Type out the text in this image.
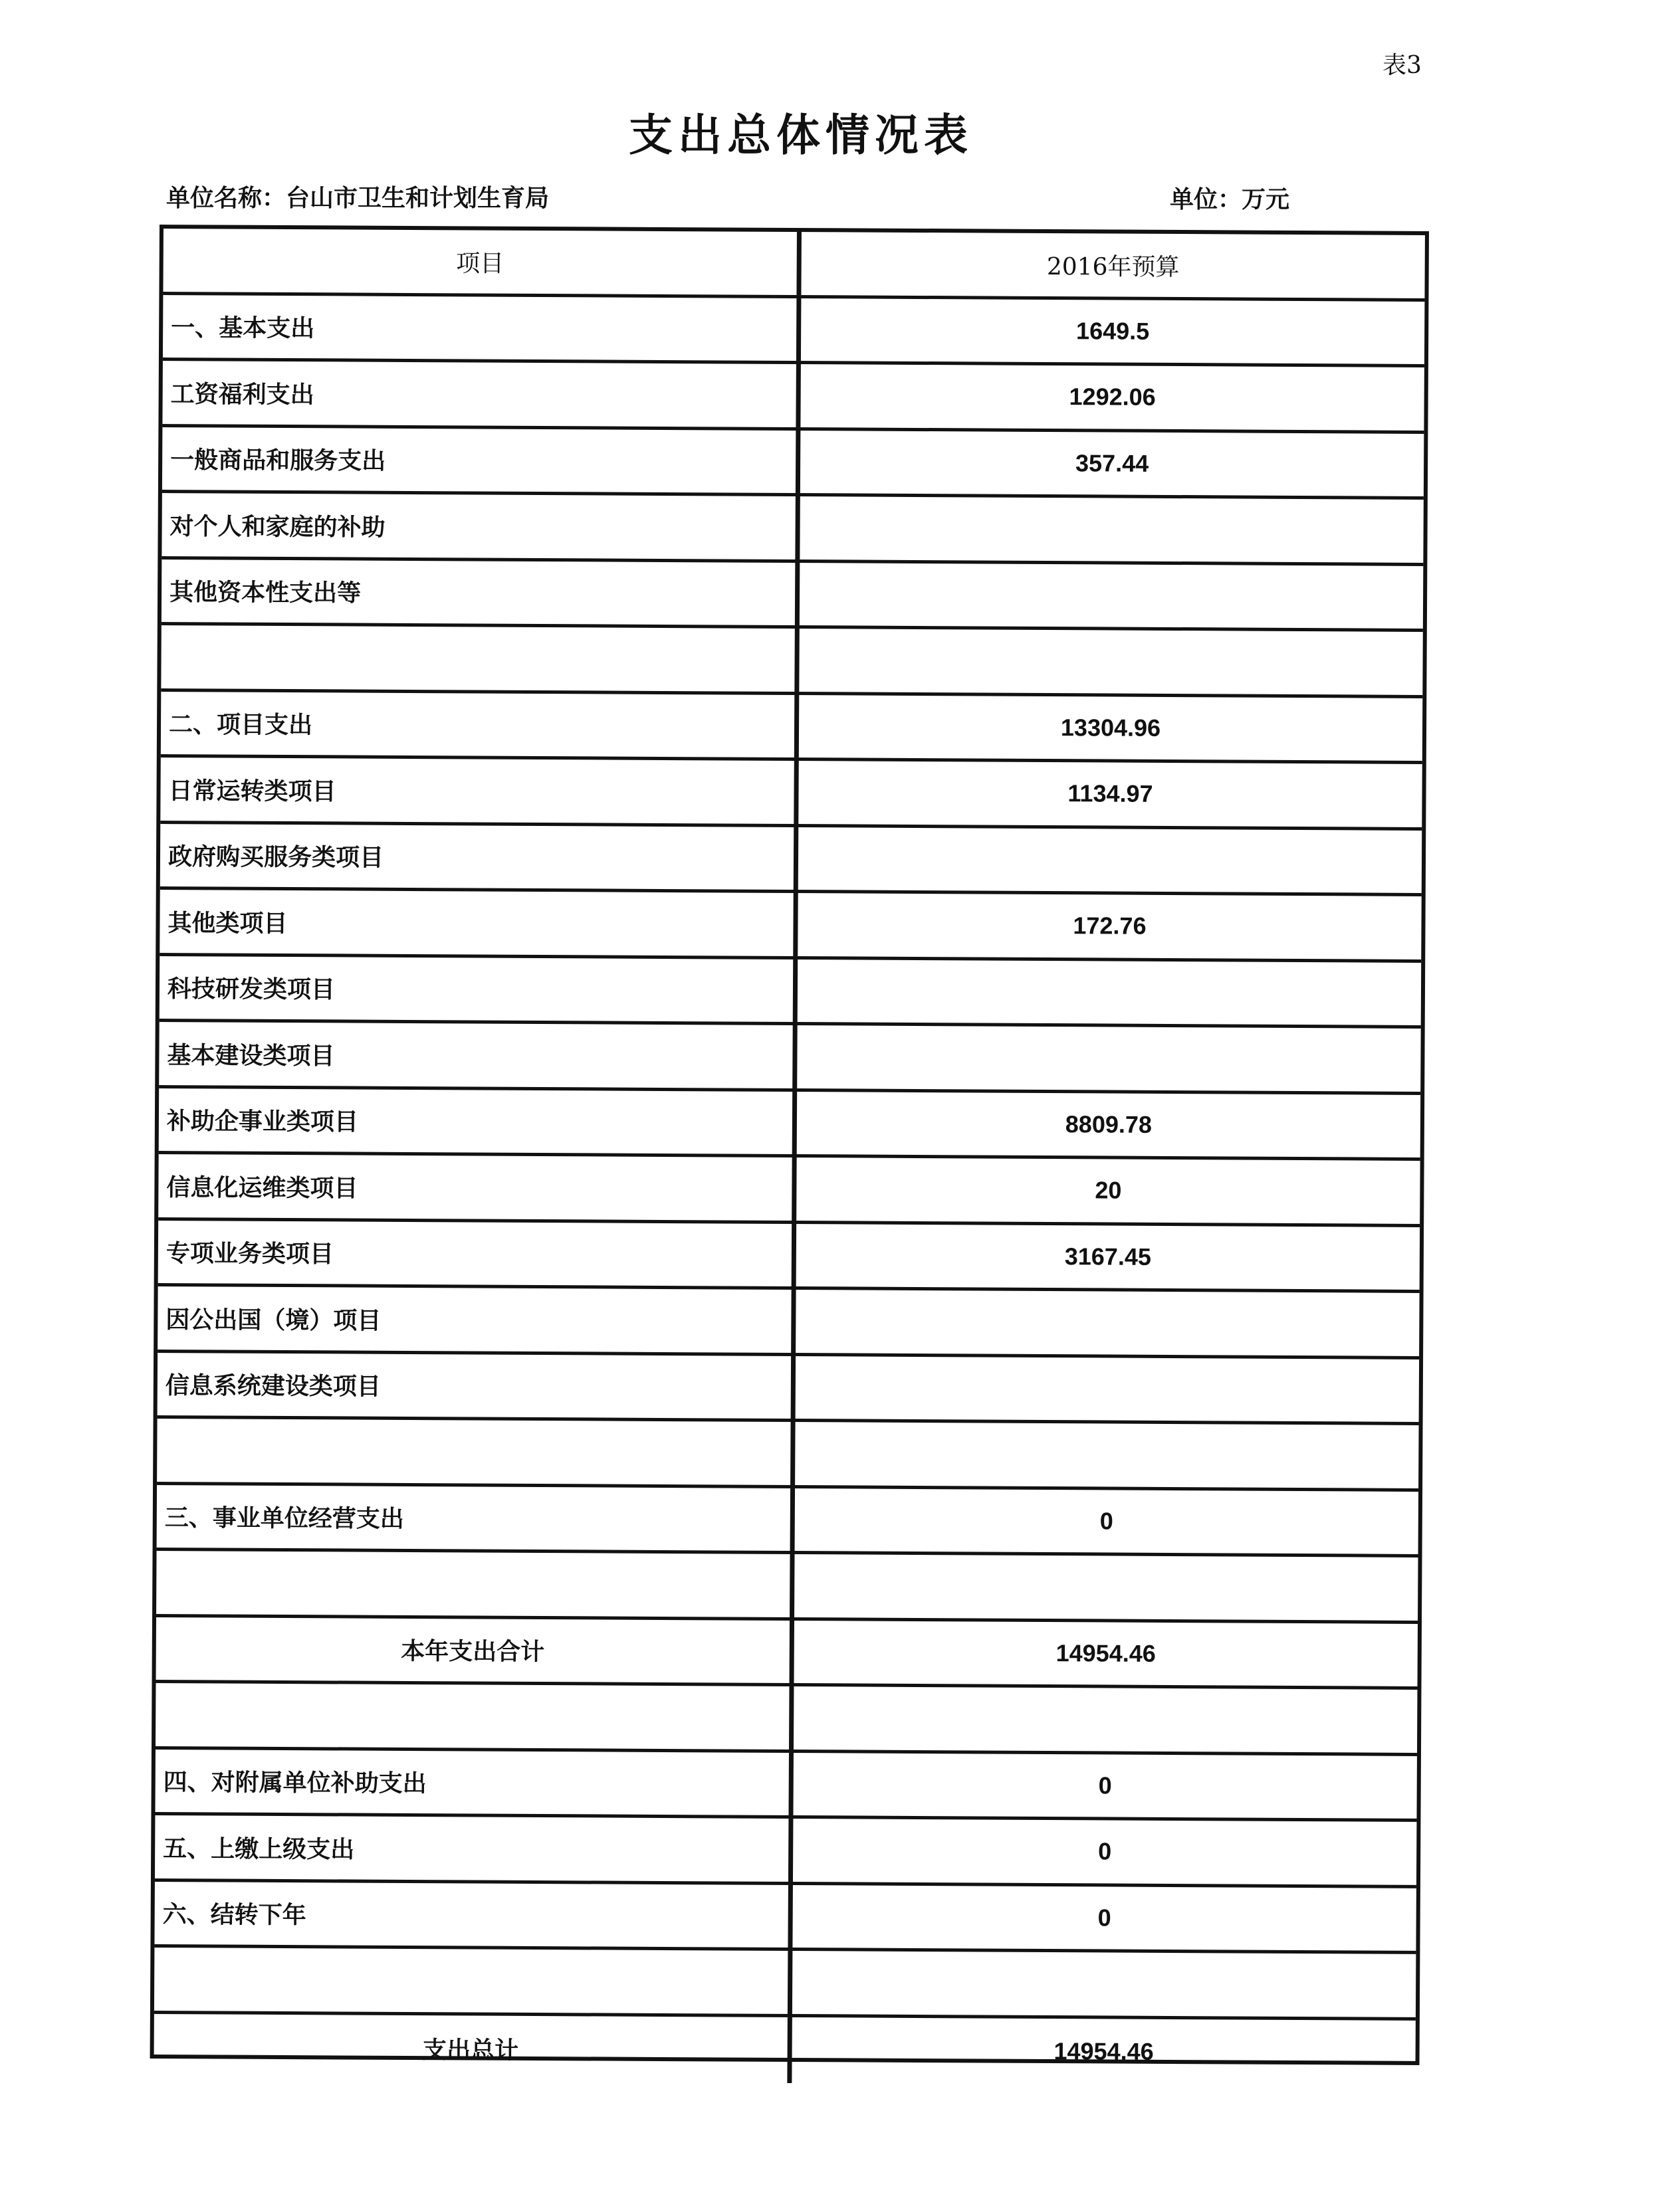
表3
支出总体情况表
单位名称：台山市卫生和计划生育局	单位：万元
项目	2016年预算
一、基本支出	1649.5
工资福利支出	1292.06
一般商品和服务支出	357.44
对个人和家庭的补助
其他资本性支出等
二、项目支出	13304.96
日常运转类项目	1134.97
政府购买服务类项目
其他类项目	172.76
科技研发类项目
基本建设类项目
补助企事业类项目	8809.78
信息化运维类项目	20
专项业务类项目	3167.45
因公出国（境）项目
信息系统建设类项目
三、事业单位经营支出	0
本年支出合计	14954.46
四、对附属单位补助支出	0
五、上缴上级支出	0
六、结转下年	0
支出总计	14954.46
